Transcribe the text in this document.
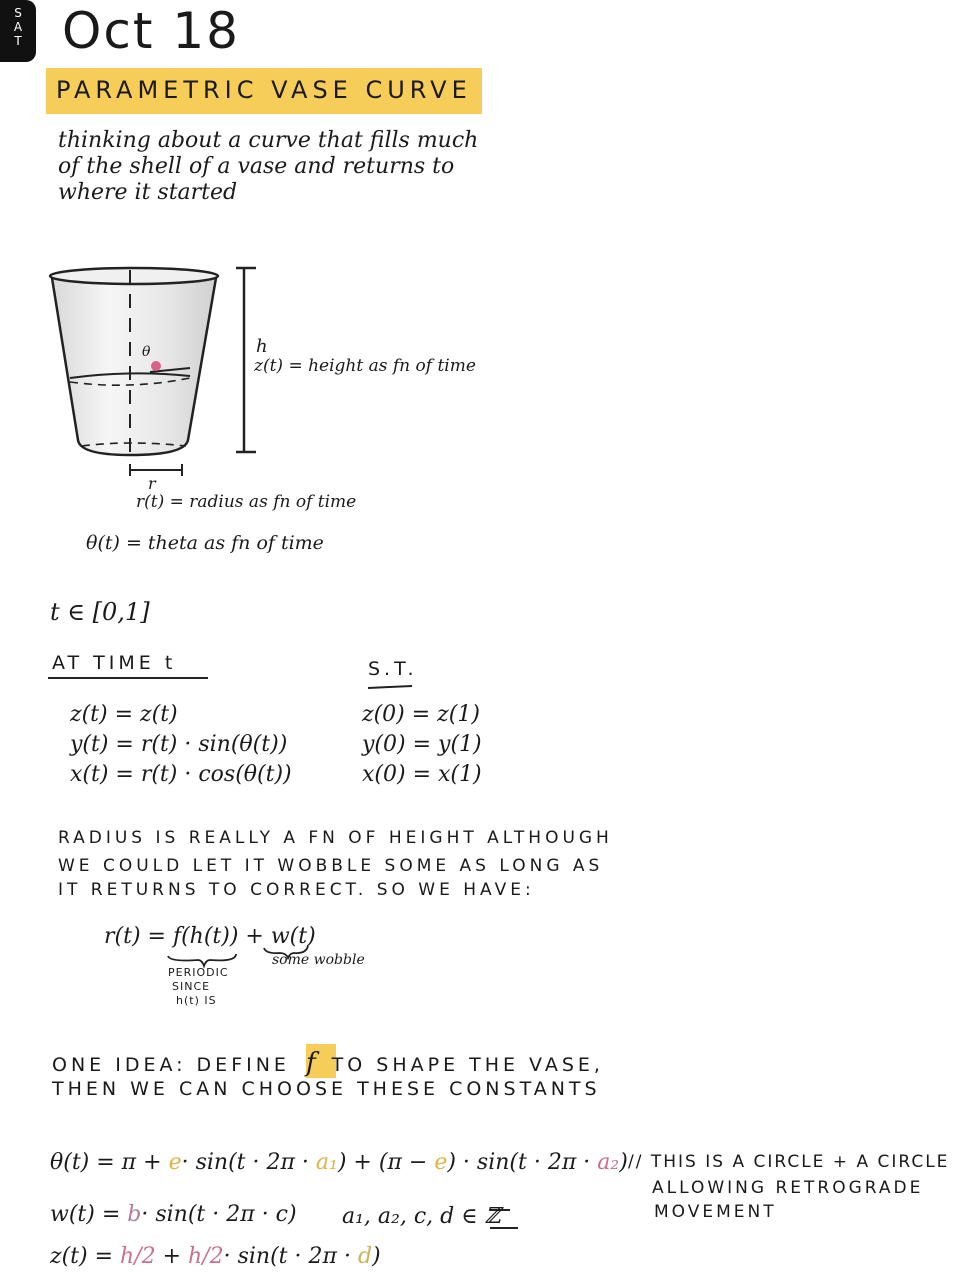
S
A
T Oct 18
PARAMETRIC VASE CURVE
thinking about a curve that fills much
of the shell of a vase and returns to
where it started
θ	h
z(t) = height as fn of time
r
r(t) = radius as fn of time
θ(t) = theta as fn of time
t ∈ [0,1]
AT TIME t	S.T.
z(t) = z(t)
y(t) = r(t) · sin(θ(t))
x(t) = r(t) · cos(θ(t))
z(0) = z(1)
y(0) = y(1)
x(0) = x(1)
RADIUS IS REALLY A FN OF HEIGHT ALTHOUGH
WE COULD LET IT WOBBLE SOME AS LONG AS
IT RETURNS TO CORRECT. SO WE HAVE:
r(t) = f(h(t)) + w(t)
PERIODIC
SINCE
h(t) IS
some wobble
ONE IDEA: DEFINE f TO SHAPE THE VASE,
THEN WE CAN CHOOSE THESE CONSTANTS
θ(t) = π + e· sin(t · 2π · a₁) + (π − e) · sin(t · 2π · a₂) // THIS IS A CIRCLE + A CIRCLE
ALLOWING RETROGRADE
MOVEMENT
w(t) = b· sin(t · 2π · c) a₁, a₂, c, d ∈ ℤ
z(t) = h/2 + h/2· sin(t · 2π · d)
